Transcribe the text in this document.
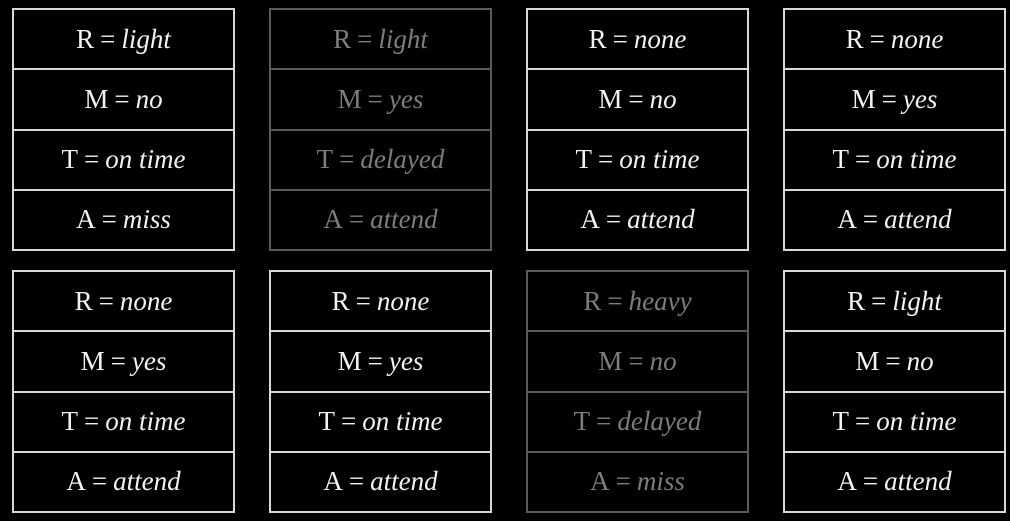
R = light
M = no
T = on time
A = miss
R = light
M = yes
T = delayed
A = attend
R = none
M = no
T = on time
A = attend
R = none
M = yes
T = on time
A = attend
R = none
M = yes
T = on time
A = attend
R = none
M = yes
T = on time
A = attend
R = heavy
M = no
T = delayed
A = miss
R = light
M = no
T = on time
A = attend
